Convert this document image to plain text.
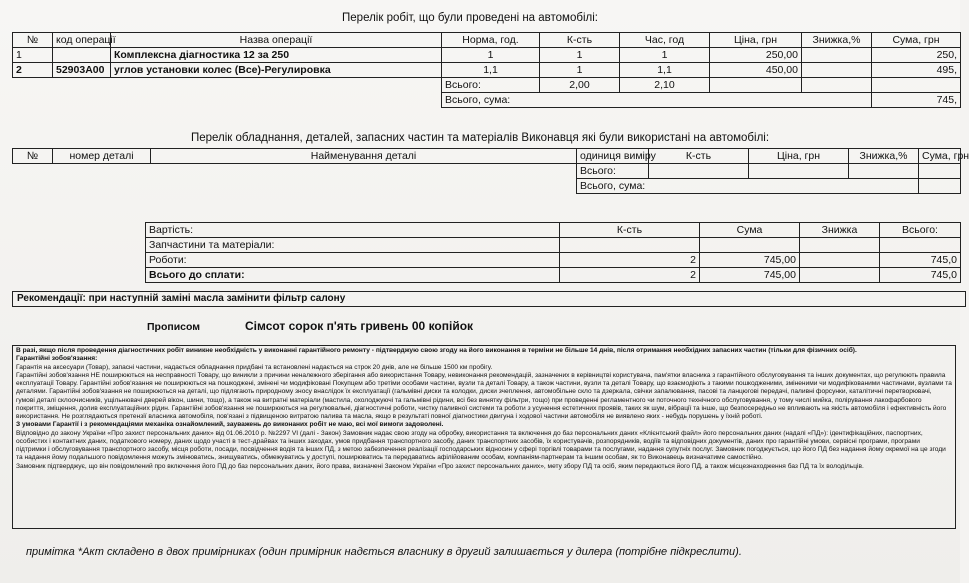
Перелік робіт, що були проведені на автомобілі:
№	код операції	Назва операції	Норма, год.	К-сть	Час, год	Ціна, грн	Знижка,%	Сума, грн
1		Комплексна діагностика 12 за 250	1	1	1	250,00		250,
2	52903A00	углов установки колес (Все)-Регулировка	1,1	1	1,1	450,00		495,
			Всього:	2,00	2,10			
			Всього, сума:					745,
Перелік обладнання, деталей, запасних частин та матеріалів Виконавця які були використані на автомобілі:
№	номер деталі	Найменування деталі	одиниця виміру	К-сть	Ціна, грн	Знижка,%	Сума, грн
			Всього:				
			Всього, сума:				
Вартість:	К-сть	Сума	Знижка	Всього:
Запчастини та матеріали:				
Роботи:	2	745,00		745,0
Всього до сплати:	2	745,00		745,0
Рекомендації: при наступній заміні масла замінити фільтр салону
Прописом	Сімсот сорок п'ять гривень 00 копійок

В разі, якщо після проведення діагностичних робіт виникне необхідність у виконанні гарантійного ремонту - підтверджую свою згоду на його виконання в терміни не більше 14 днів, після отримання необхідних запасних частин (тільки для фізичних осіб).

Гарантійні зобов'язання:

Гарантія на аксесуари (Товар), запасні частини, надається обладнання придбані та встановлені надається на строк 20 днів, але не більше 1500 км пробігу.

Гарантійні зобов'язання НЕ поширюються на несправності Товару, що виникли з причини неналежного зберігання або використання Товару, невиконання рекомендацій, зазначених в керівництві користувача, пам'ятки власника з гарантійного обслуговування та інших документах, що регулюють правила експлуатації Товару. Гарантійні зобов'язання не поширюються на пошкоджені, змінені чи модифіковані Покупцем або третіми особами частини, вузли та деталі Товару, а також частини, вузли та деталі Товару, що взаємодіють з такими пошкодженими, зміненими чи модифікованими частинами, вузлами та деталями. Гарантійні зобов'язання не поширюються на деталі, що підлягають природному зносу внаслідок їх експлуатації (гальмівні диски та колодки, диски зчеплення, автомобільне скло та дзеркала, свічки запалювання, пасові та ланцюгові передачі, паливні форсунки, каталітичні перетворювачі, гумові деталі склоочисників, ущільнювачі дверей вікон, шини, тощо), а також на витратні матеріали (мастила, охолоджуючі та гальмівні рідини, всі без винятку фільтри, тощо) при проведенні регламентного чи поточного технічного обслуговування, у тому числі мийка, полірування лакофарбового покриття, зміщення, долив експлуатаційних рідин. Гарантійні зобов'язання не поширюються на регулювальні, діагностичні роботи, чистку паливної системи та роботи з усунення естетичних проявів, таких як шум, вібрації та інше, що безпосередньо не впливають на якість автомобіля і ефективність його використання. Не розглядаються претензії власника автомобіля, пов'язані з підвищеною витратою палива та масла, якщо в результаті повної діагностики двигуна і ходової частини автомобіля не виявлено яких - небудь порушень у їхній роботі.

З умовами Гарантії і з рекомендаціями механіка ознайомлений, зауважень до виконаних робіт не маю, всі мої вимоги задоволені.

Відповідно до закону України «Про захист персональних даних» від 01.06.2010 р. №2297 VI (далі - Закон) Замовник надає свою згоду на обробку, використання та включення до баз персональних даних «Клієнтський файл» його персональних даних (надалі «ПД»): ідентифікаційних, паспортних, особистих і контактних даних, податкового номеру, даних щодо участі в тест-драйвах та інших заходах, умов придбання транспортного засобу, даних транспортних засобів, їх користувачів, розпорядників, водіїв та відповідних документів, даних про гарантійні умови, сервісні програми, програми підтримки і обслуговування транспортного засобу, місця роботи, посади, посвідчення водія та інших ПД, з метою забезпечення реалізації господарських відносин у сфері торгівлі товарами та послугами, надання супутніх послуг. Замовник погоджується, що його ПД без надання йому окремої на це згоди та надання йому подальшого повідомлення можуть змінюватись, знищуватись, обмежуватись у доступі, поширюватись та передаватись афілійованим особам, компаніям-партнерам та іншим особам, як то Виконавець визначатиме самостійно.

Замовник підтверджує, що він повідомлений про включення його ПД до баз персональних даних, його права, визначені Законом України «Про захист персональних даних», мету збору ПД та осіб, яким передаються його ПД, а також місцезнаходження баз ПД та їх володільців.

примітка *Акт складено в двох примірниках (один примірник надється власнику в другий залишається у дилера (потрібне підкреслити).
